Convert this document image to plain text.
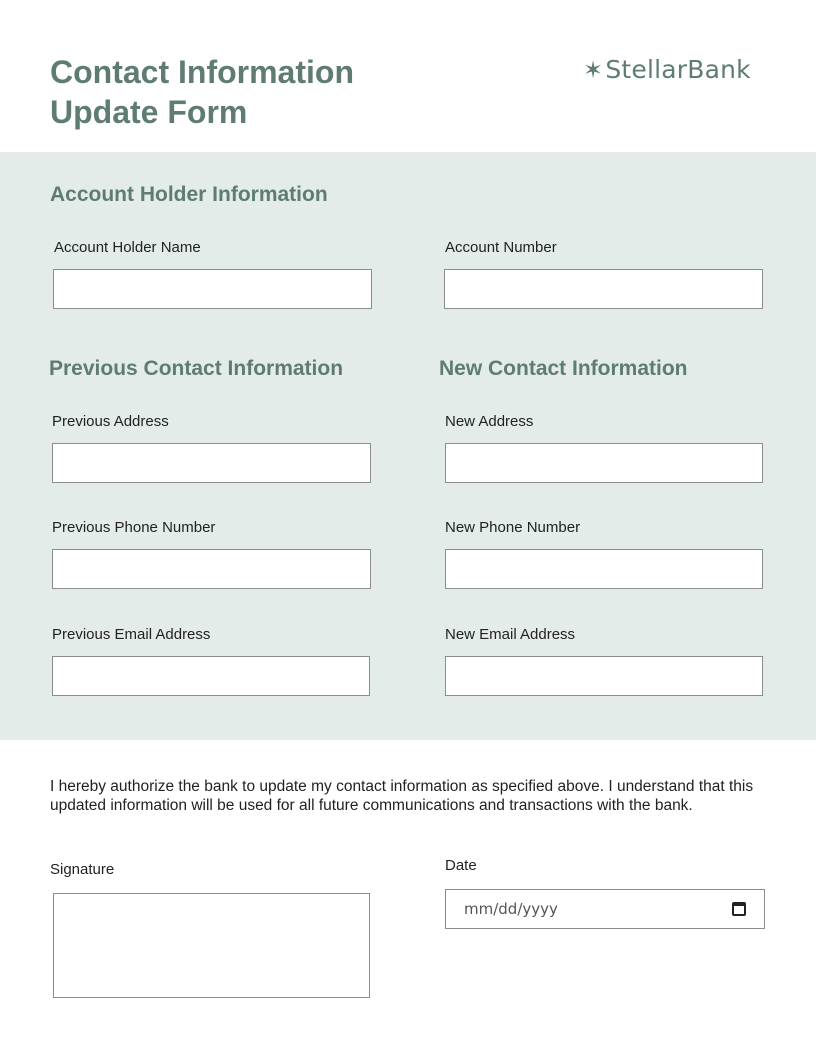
Contact Information Update Form
✶ StellarBank
Account Holder Information
Account Holder Name	Account Number
Previous Contact Information	New Contact Information
Previous Address	New Address
Previous Phone Number	New Phone Number
Previous Email Address	New Email Address
I hereby authorize the bank to update my contact information as specified above. I understand that this updated information will be used for all future communications and transactions with the bank.
Signature	Date
mm/dd/yyyy
